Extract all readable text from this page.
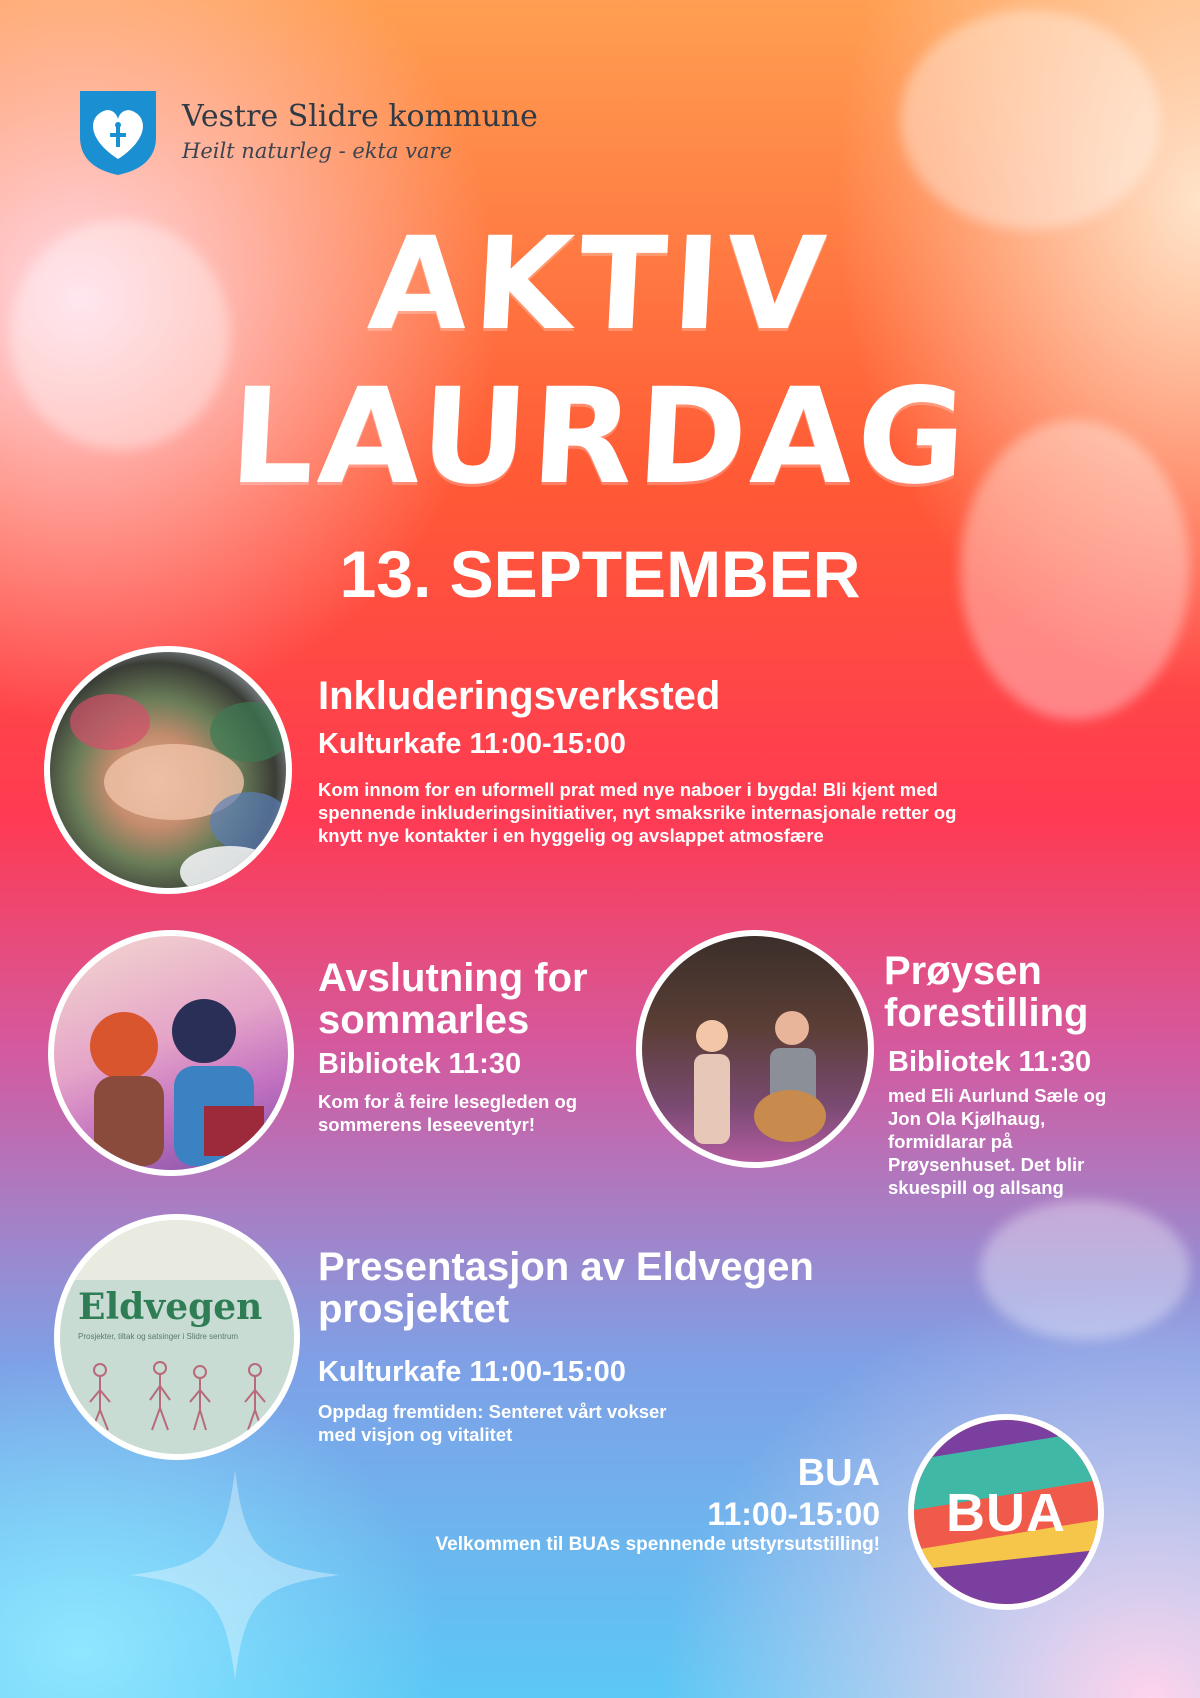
Vestre Slidre kommune
Heilt naturleg - ekta vare
AKTIV
LAURDAG
13. SEPTEMBER
Inkluderingsverksted
Kulturkafe 11:00-15:00
Kom innom for en uformell prat med nye naboer i bygda! Bli kjent med
spennende inkluderingsinitiativer, nyt smaksrike internasjonale retter og
knytt nye kontakter i en hyggelig og avslappet atmosfære
Avslutning for
sommarles
Bibliotek 11:30
Kom for å feire lesegleden og
sommerens leseeventyr!
Prøysen
forestilling
Bibliotek 11:30
med Eli Aurlund Sæle og
Jon Ola Kjølhaug,
formidlarar på
Prøysenhuset. Det blir
skuespill og allsang
Eldvegen
Prosjekter, tiltak og satsinger i Slidre sentrum
Presentasjon av Eldvegen
prosjektet
Kulturkafe 11:00-15:00
Oppdag fremtiden: Senteret vårt vokser
med visjon og vitalitet
BUA
11:00-15:00
Velkommen til BUAs spennende utstyrsutstilling!
BUA
